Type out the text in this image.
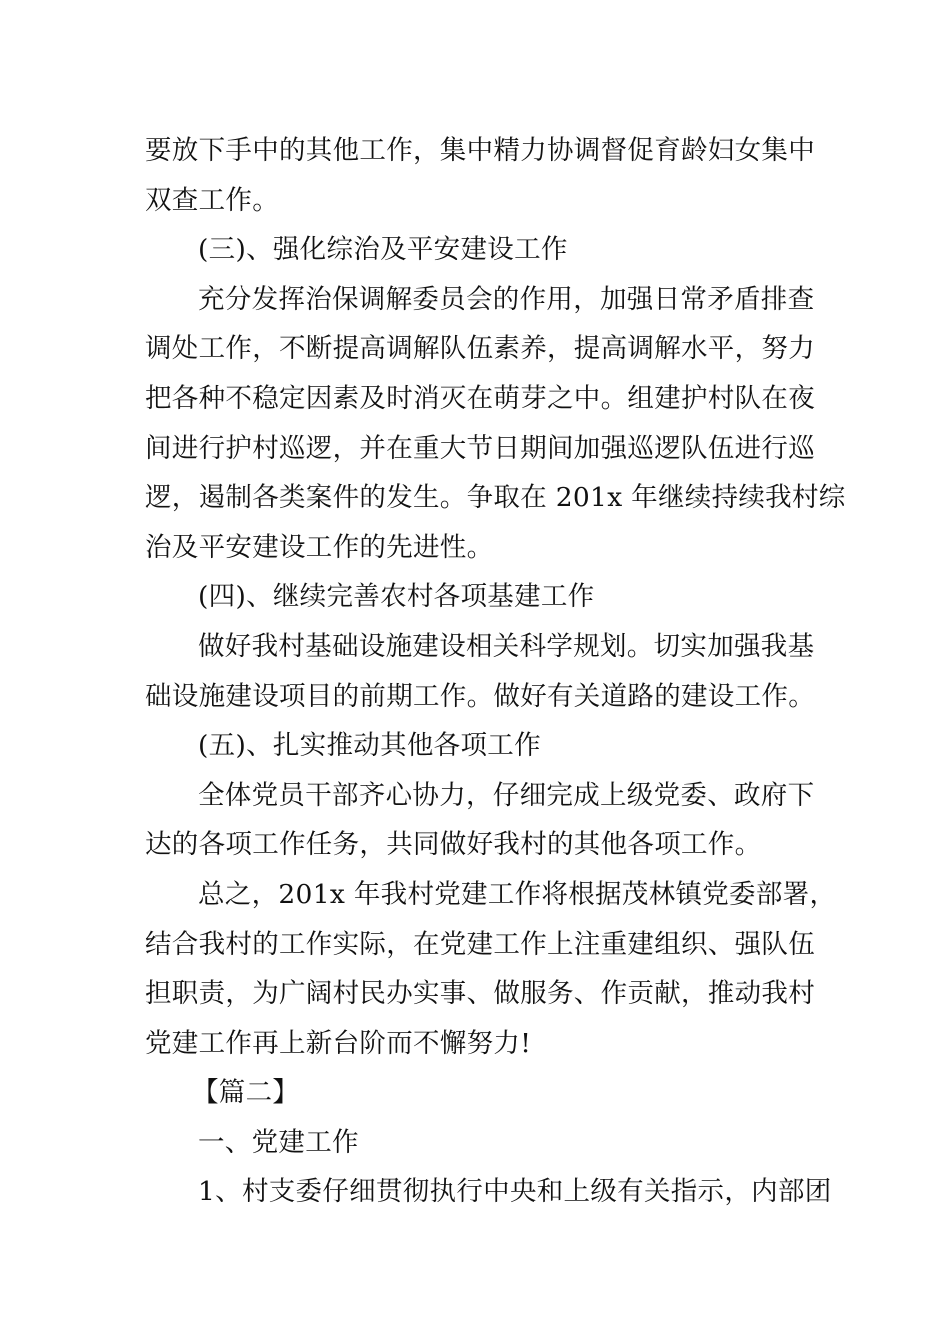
要放下手中的其他工作，集中精力协调督促育龄妇女集中
双查工作。
(三)、强化综治及平安建设工作
充分发挥治保调解委员会的作用，加强日常矛盾排查
调处工作，不断提高调解队伍素养，提高调解水平，努力
把各种不稳定因素及时消灭在萌芽之中。组建护村队在夜
间进行护村巡逻，并在重大节日期间加强巡逻队伍进行巡
逻，遏制各类案件的发生。争取在 201x 年继续持续我村综
治及平安建设工作的先进性。
(四)、继续完善农村各项基建工作
做好我村基础设施建设相关科学规划。切实加强我基
础设施建设项目的前期工作。做好有关道路的建设工作。
(五)、扎实推动其他各项工作
全体党员干部齐心协力，仔细完成上级党委、政府下
达的各项工作任务，共同做好我村的其他各项工作。
总之，201x 年我村党建工作将根据茂林镇党委部署，
结合我村的工作实际，在党建工作上注重建组织、强队伍
担职责，为广阔村民办实事、做服务、作贡献，推动我村
党建工作再上新台阶而不懈努力!
【篇二】
一、党建工作
1、村支委仔细贯彻执行中央和上级有关指示，内部团
